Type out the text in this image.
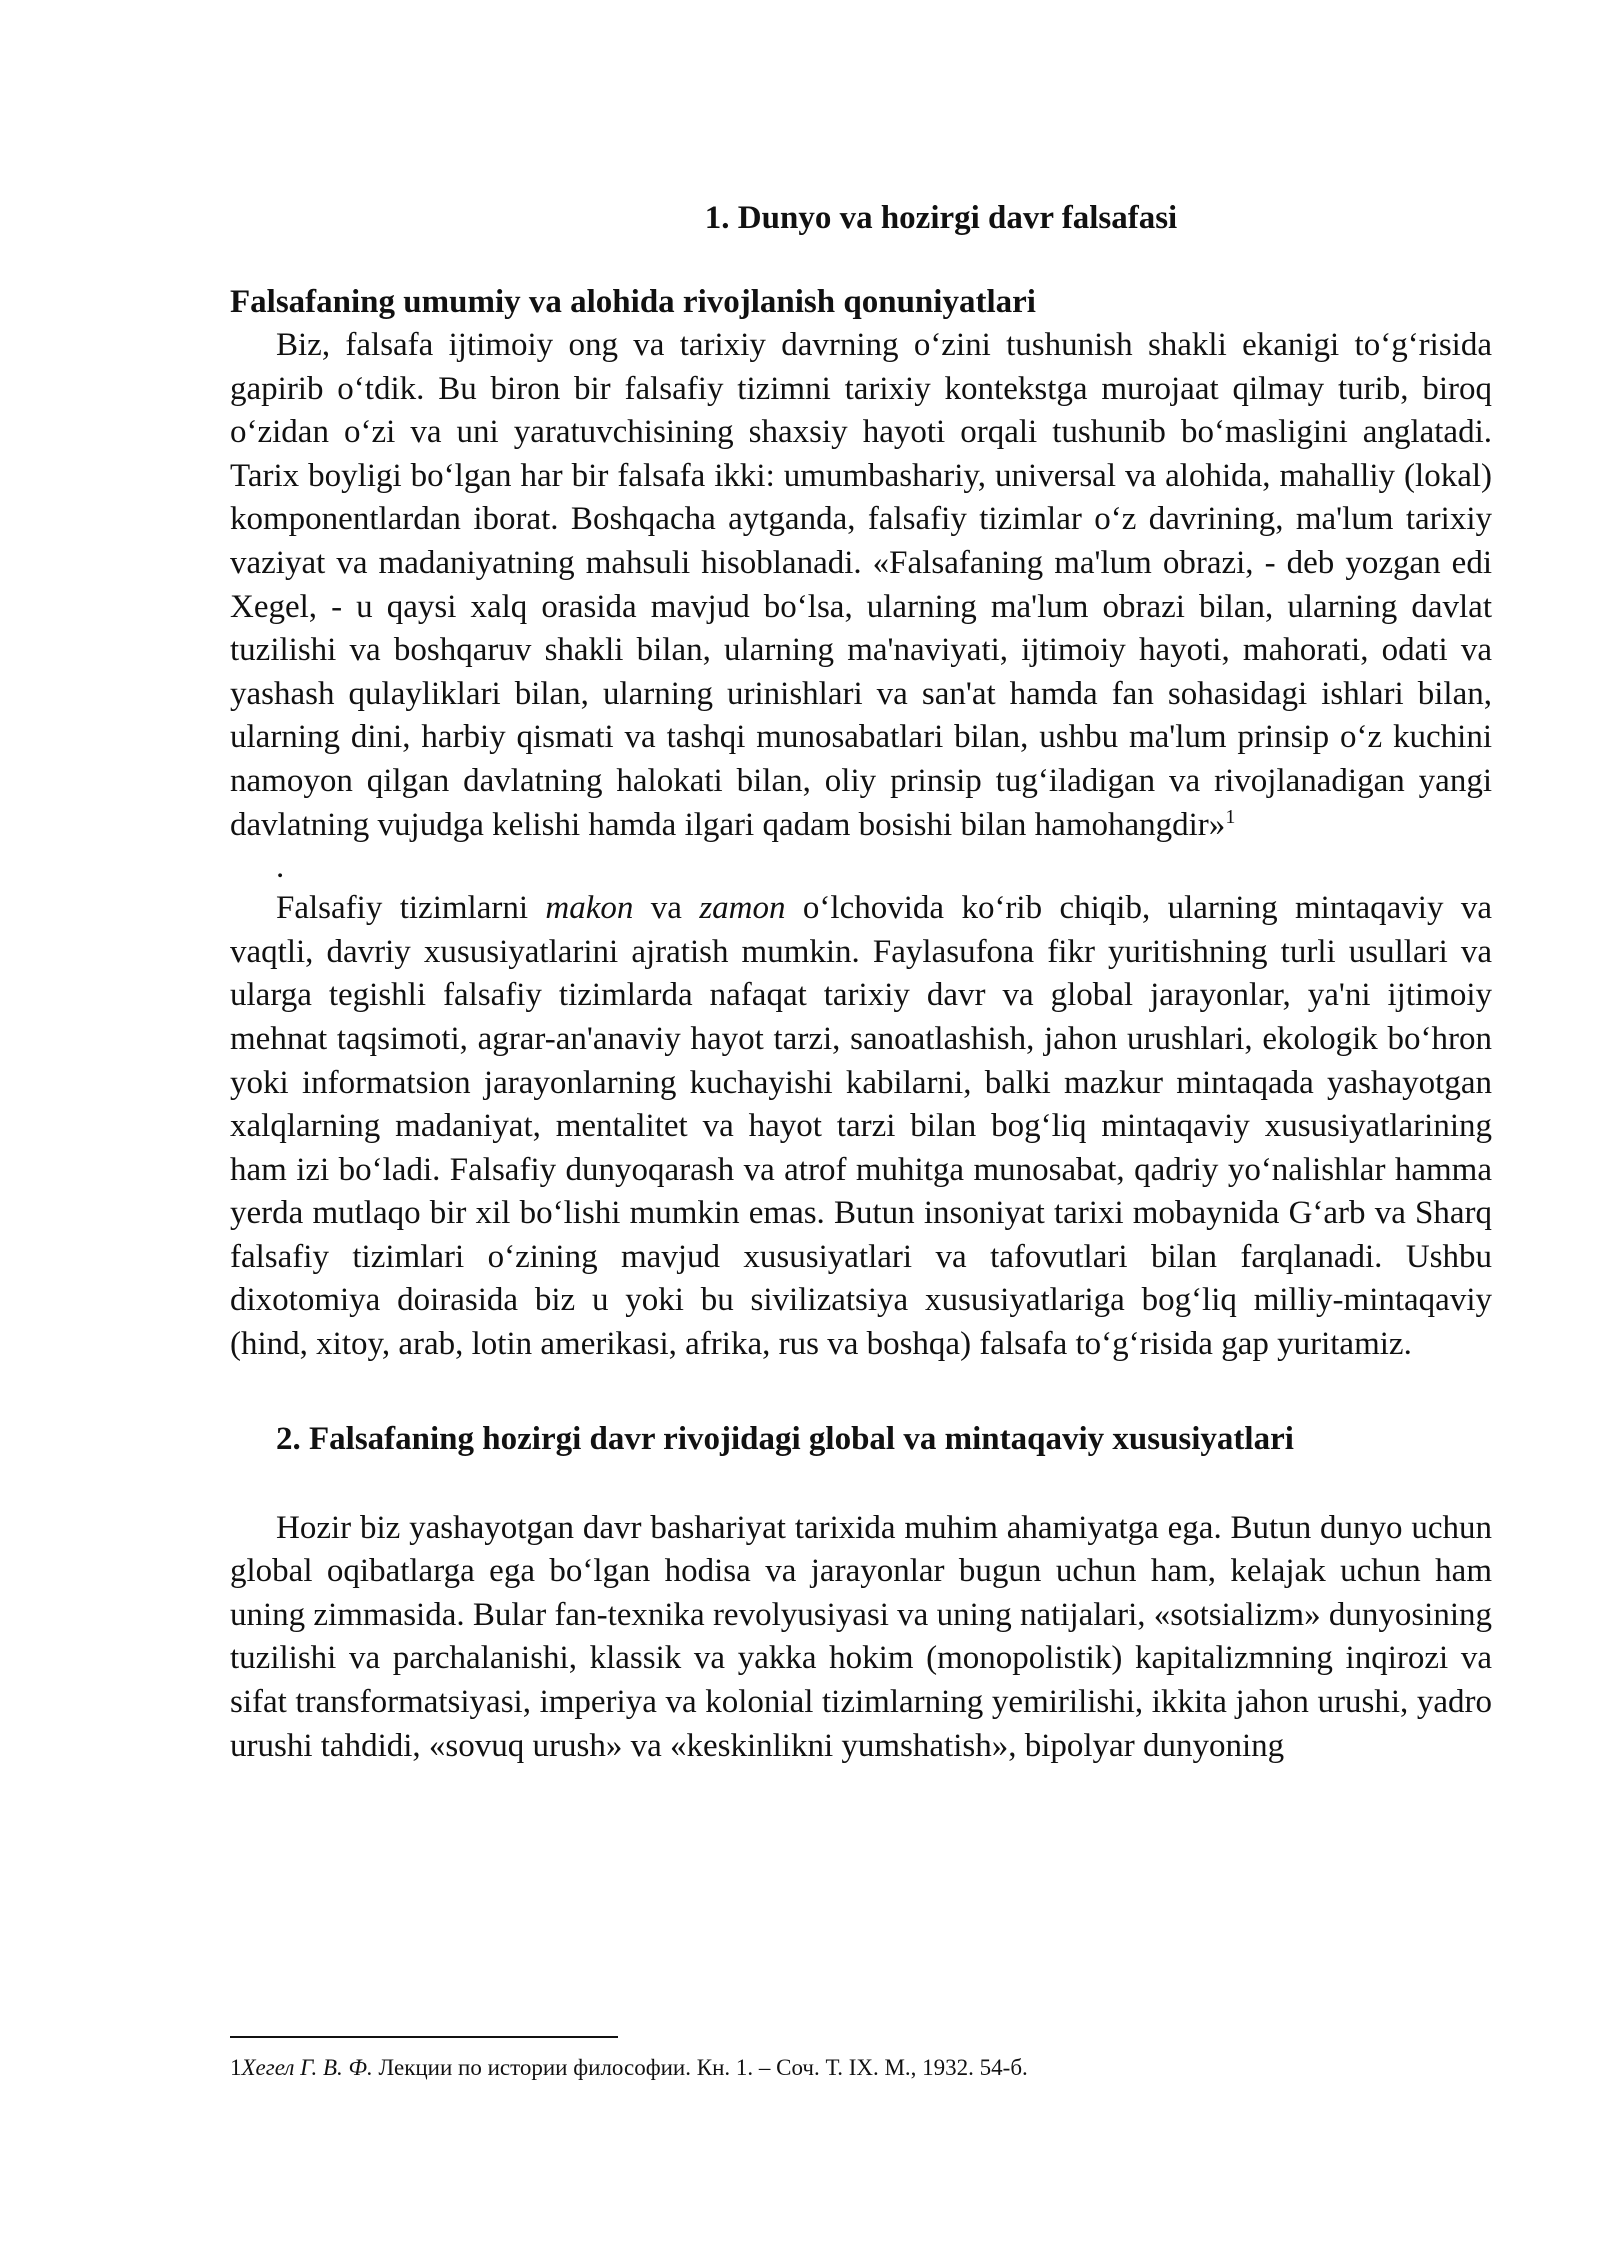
1. Dunyo va hozirgi davr falsafasi
Falsafaning umumiy va alohida rivojlanish qonuniyatlari

Biz, falsafa ijtimoiy ong va tarixiy davrning o‘zini tushunish shakli ekanigi to‘g‘risida gapirib o‘tdik. Bu biron bir falsafiy tizimni tarixiy kontekstga murojaat qilmay turib, biroq o‘zidan o‘zi va uni yaratuvchisining shaxsiy hayoti orqali tushunib bo‘masligini anglatadi. Tarix boyligi bo‘lgan har bir falsafa ikki: umumbashariy, universal va alohida, mahalliy (lokal) komponentlardan iborat. Boshqacha aytganda, falsafiy tizimlar o‘z davrining, ma'lum tarixiy vaziyat va madaniyatning mahsuli hisoblanadi. «Falsafaning ma'lum obrazi, - deb yozgan edi Xegel, - u qaysi xalq orasida mavjud bo‘lsa, ularning ma'lum obrazi bilan, ularning davlat tuzilishi va boshqaruv shakli bilan, ularning ma'naviyati, ijtimoiy hayoti, mahorati, odati va yashash qulayliklari bilan, ularning urinishlari va san'at hamda fan sohasidagi ishlari bilan, ularning dini, harbiy qismati va tashqi munosabatlari bilan, ushbu ma'lum prinsip o‘z kuchini namoyon qilgan davlatning halokati bilan, oliy prinsip tug‘iladigan va rivojlanadigan yangi davlatning vujudga kelishi hamda ilgari qadam bosishi bilan hamohangdir»$^1$

.

Falsafiy tizimlarni makon va zamon o‘lchovida ko‘rib chiqib, ularning mintaqaviy va vaqtli, davriy xususiyatlarini ajratish mumkin. Faylasufona fikr yuritishning turli usullari va ularga tegishli falsafiy tizimlarda nafaqat tarixiy davr va global jarayonlar, ya'ni ijtimoiy mehnat taqsimoti, agrar-an'anaviy hayot tarzi, sanoatlashish, jahon urushlari, ekologik bo‘hron yoki informatsion jarayonlarning kuchayishi kabilarni, balki mazkur mintaqada yashayotgan xalqlarning madaniyat, mentalitet va hayot tarzi bilan bog‘liq mintaqaviy xususiyatlarining ham izi bo‘ladi. Falsafiy dunyoqarash va atrof muhitga munosabat, qadriy yo‘nalishlar hamma yerda mutlaqo bir xil bo‘lishi mumkin emas. Butun insoniyat tarixi mobaynida G‘arb va Sharq falsafiy tizimlari o‘zining mavjud xususiyatlari va tafovutlari bilan farqlanadi. Ushbu dixotomiya doirasida biz u yoki bu sivilizatsiya xususiyatlariga bog‘liq milliy-mintaqaviy (hind, xitoy, arab, lotin amerikasi, afrika, rus va boshqa) falsafa to‘g‘risida gap yuritamiz.

2. Falsafaning hozirgi davr rivojidagi global va mintaqaviy xususiyatlari

Hozir biz yashayotgan davr bashariyat tarixida muhim ahamiyatga ega. Butun dunyo uchun global oqibatlarga ega bo‘lgan hodisa va jarayonlar bugun uchun ham, kelajak uchun ham uning zimmasida. Bular fan-texnika revolyusiyasi va uning natijalari, «sotsializm» dunyosining tuzilishi va parchalanishi, klassik va yakka hokim (monopolistik) kapitalizmning inqirozi va sifat transformatsiyasi, imperiya va kolonial tizimlarning yemirilishi, ikkita jahon urushi, yadro urushi tahdidi, «sovuq urush» va «keskinlikni yumshatish», bipolyar dunyoning

1Хегел Г. В. Ф. Лекции по истории философии. Кн. 1. – Соч. Т. IX. М., 1932. 54-б.
